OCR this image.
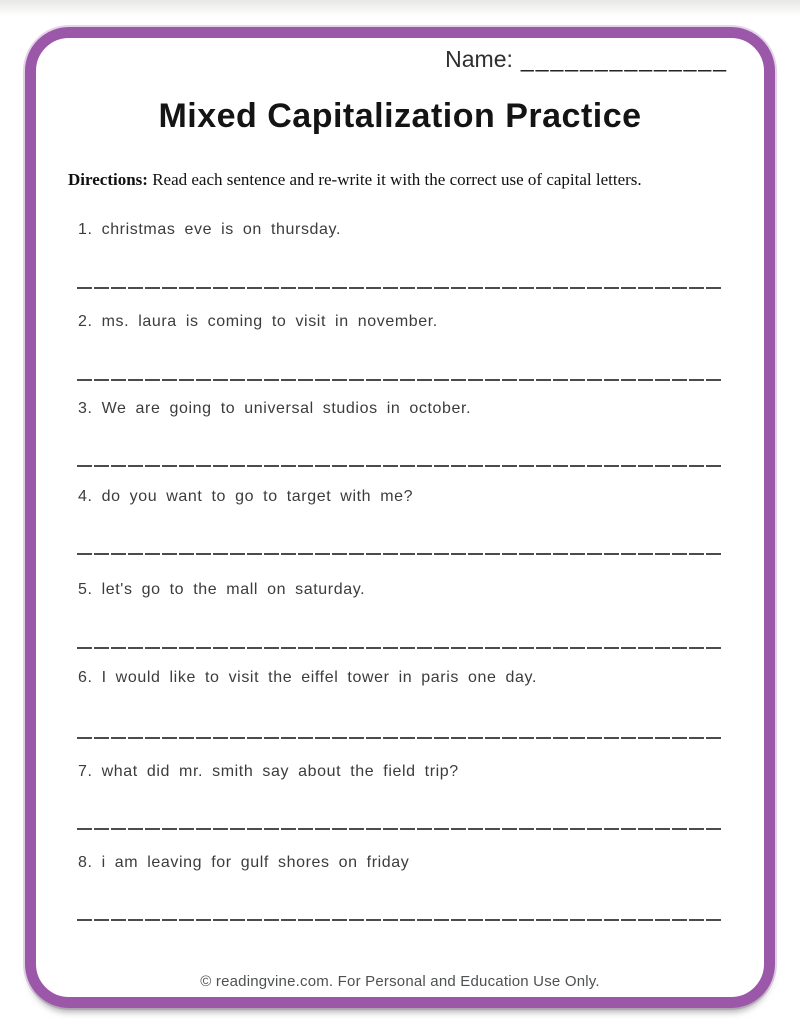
Name: ______________
Mixed Capitalization Practice

Directions: Read each sentence and re-write it with the correct use of capital letters.

1. christmas eve is on thursday.

2. ms. laura is coming to visit in november.

3. We are going to universal studios in october.

4. do you want to go to target with me?

5. let's go to the mall on saturday.

6. I would like to visit the eiffel tower in paris one day.

7. what did mr. smith say about the field trip?

8. i am leaving for gulf shores on friday

© readingvine.com. For Personal and Education Use Only.
